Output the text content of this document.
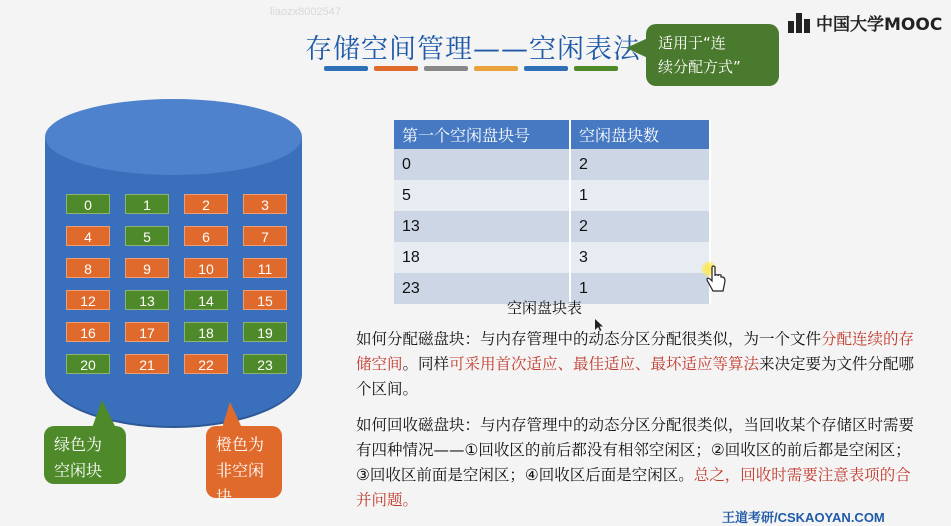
liaozx8002547
中国大学MOOC
存储空间管理——空闲表法 适用于“连
续分配方式”
0	1	2	3
4	5	6	7
8	9	10	11
12	13	14	15
16	17	18	19
20	21	22	23
绿色为
空闲块
橙色为
非空闲
块
第一个空闲盘块号	空闲盘块数
0	2
5	1
13	2
18	3
23	1
空闲盘块表
如何分配磁盘块：与内存管理中的动态分区分配很类似，为一个文件分配连续的存储空间。同样可采用首次适应、最佳适应、最坏适应等算法来决定要为文件分配哪个区间。
如何回收磁盘块：与内存管理中的动态分区分配很类似，当回收某个存储区时需要有四种情况——①回收区的前后都没有相邻空闲区；②回收区的前后都是空闲区；③回收区前面是空闲区；④回收区后面是空闲区。总之，回收时需要注意表项的合并问题。
王道考研/CSKAOYAN.COM
